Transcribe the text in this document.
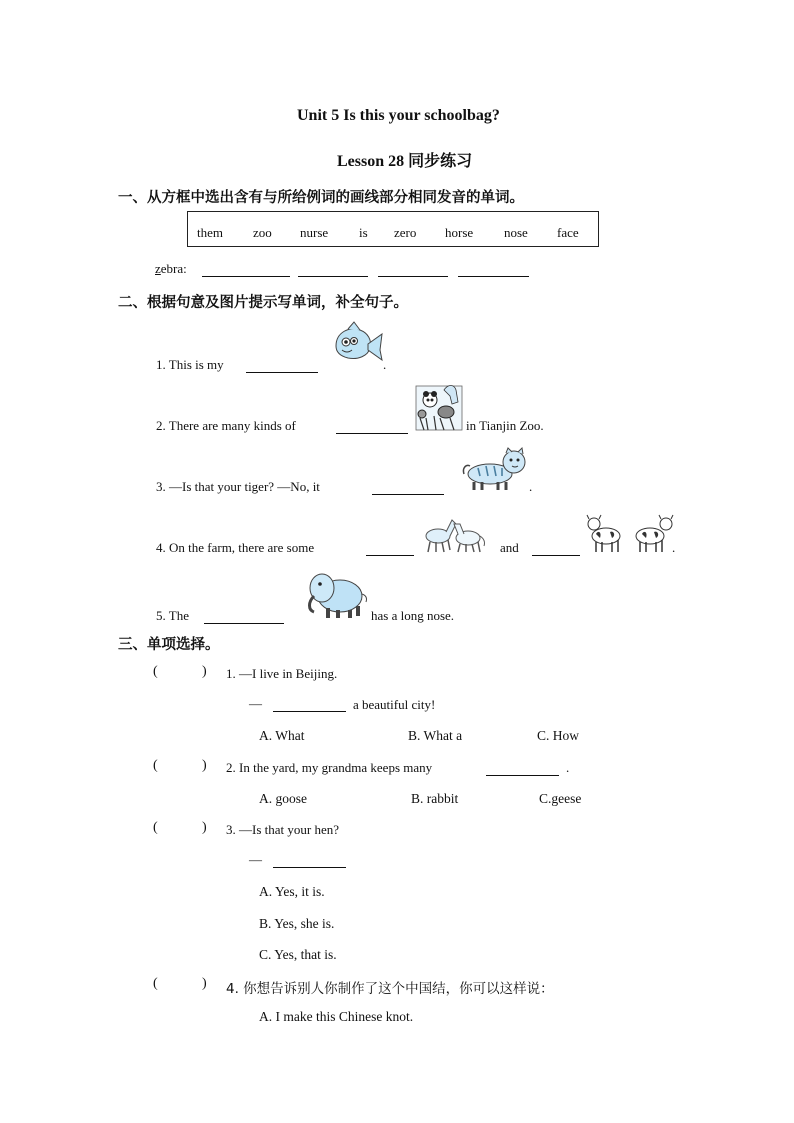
Unit 5 Is this your schoolbag?
Lesson 28 同步练习
一、从方框中选出含有与所给例词的画线部分相同发音的单词。
them zoo nurse is zero horse nose face
zebra:
二、根据句意及图片提示写单词，补全句子。
1. This is my	.
2. There are many kinds of	in Tianjin Zoo.
3. —Is that your tiger? —No, it	.
4. On the farm, there are some	and	.
5. The	has a long nose.
三、单项选择。
(	) 1. —I live in Beijing.
—	a beautiful city!
A. What	B. What a	C. How
(	) 2. In the yard, my grandma keeps many	.
A. goose	B. rabbit	C.geese
(	) 3. —Is that your hen?
—
A. Yes, it is.
B. Yes, she is.
C. Yes, that is.
(	) 4. 你想告诉别人你制作了这个中国结，你可以这样说：
A. I make this Chinese knot.
